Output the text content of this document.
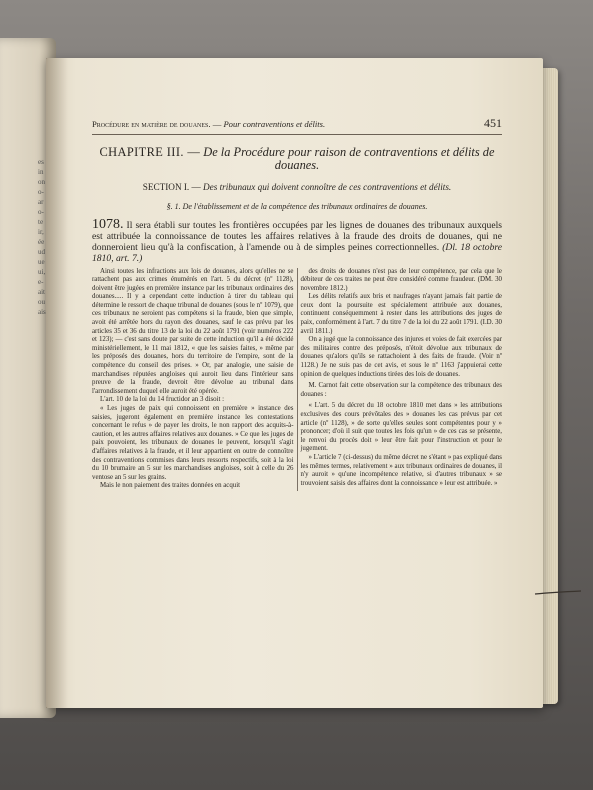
es
in
on
o-
ar
o-
te
ir,
ée
ud
ue
ui,
e-
ait
ou
ais
Procédure en matière de douanes. — Pour contraventions et délits.	451
CHAPITRE III. — De la Procédure pour raison de contraventions et délits de douanes.
SECTION I. — Des tribunaux qui doivent connoître de ces contraventions et délits.
§. 1. De l'établissement et de la compétence des tribunaux ordinaires de douanes.
1078. Il sera établi sur toutes les frontières occupées par les lignes de douanes des tribunaux auxquels est attribuée la connoissance de toutes les affaires relatives à la fraude des droits de douanes, qui ne donneroient lieu qu'à la confiscation, à l'amende ou à de simples peines correctionnelles. (Dl. 18 octobre 1810, art. 7.)

Ainsi toutes les infractions aux lois de douanes, alors qu'elles ne se rattachent pas aux crimes énumérés en l'art. 5 du décret (nº 1128), doivent être jugées en première instance par les tribunaux ordinaires des douanes..... Il y a cependant cette induction à tirer du tableau qui détermine le ressort de chaque tribunal de douanes (sous le nº 1079), que ces tribunaux ne seroient pas compétens si la fraude, bien que simple, avoit été arrêtée hors du rayon des douanes, sauf le cas prévu par les articles 35 et 36 du titre 13 de la loi du 22 août 1791 (voir numéros 222 et 123); — c'est sans doute par suite de cette induction qu'il a été décidé ministériellement, le 11 mai 1812, « que les saisies faites, » même par les préposés des douanes, hors du territoire de l'empire, sont de la compétence du conseil des prises. » Or, par analogie, une saisie de marchandises réputées angloises qui auroit lieu dans l'intérieur sans preuve de la fraude, devroit être dévolue au tribunal dans l'arrondissement duquel elle auroit été opérée.

L'art. 10 de la loi du 14 fructidor an 3 disoit :

« Les juges de paix qui connoissent en première » instance des saisies, jugeront également en première instance les contestations concernant le refus » de payer les droits, le non rapport des acquits-à-caution, et les autres affaires relatives aux douanes. » Ce que les juges de paix pouvoient, les tribunaux de douanes le peuvent, lorsqu'il s'agit d'affaires relatives à la fraude, et il leur appartient en outre de connoître des contraventions commises dans leurs ressorts respectifs, soit à la loi du 10 brumaire an 5 sur les marchandises angloises, soit à celle du 26 ventose an 5 sur les grains.

Mais le non paiement des traites données en acquit

des droits de douanes n'est pas de leur compétence, par cela que le débiteur de ces traites ne peut être considéré comme fraudeur. (DM. 30 novembre 1812.)

Les délits relatifs aux bris et naufrages n'ayant jamais fait partie de ceux dont la poursuite est spécialement attribuée aux douanes, continuent conséquemment à rester dans les attributions des juges de paix, conformément à l'art. 7 du titre 7 de la loi du 22 août 1791. (I.D. 30 avril 1811.)

On a jugé que la connoissance des injures et voies de fait exercées par des militaires contre des préposés, n'étoit dévolue aux tribunaux de douanes qu'alors qu'ils se rattachoient à des faits de fraude. (Voir nº 1128.) Je ne suis pas de cet avis, et sous le nº 1163 j'appuierai cette opinion de quelques inductions tirées des lois de douanes.

M. Carnot fait cette observation sur la compétence des tribunaux des douanes :

« L'art. 5 du décret du 18 octobre 1810 met dans » les attributions exclusives des cours prévôtales des » douanes les cas prévus par cet article (nº 1128), » de sorte qu'elles seules sont compétentes pour y » prononcer; d'où il suit que toutes les fois qu'un » de ces cas se présente, le renvoi du procès doit » leur être fait pour l'instruction et pour le jugement.

» L'article 7 (ci-dessus) du même décret ne s'étant » pas expliqué dans les mêmes termes, relativement » aux tribunaux ordinaires de douanes, il n'y auroit » qu'une incompétence relative, si d'autres tribunaux » se trouvoient saisis des affaires dont la connoissance » leur est attribuée. »
